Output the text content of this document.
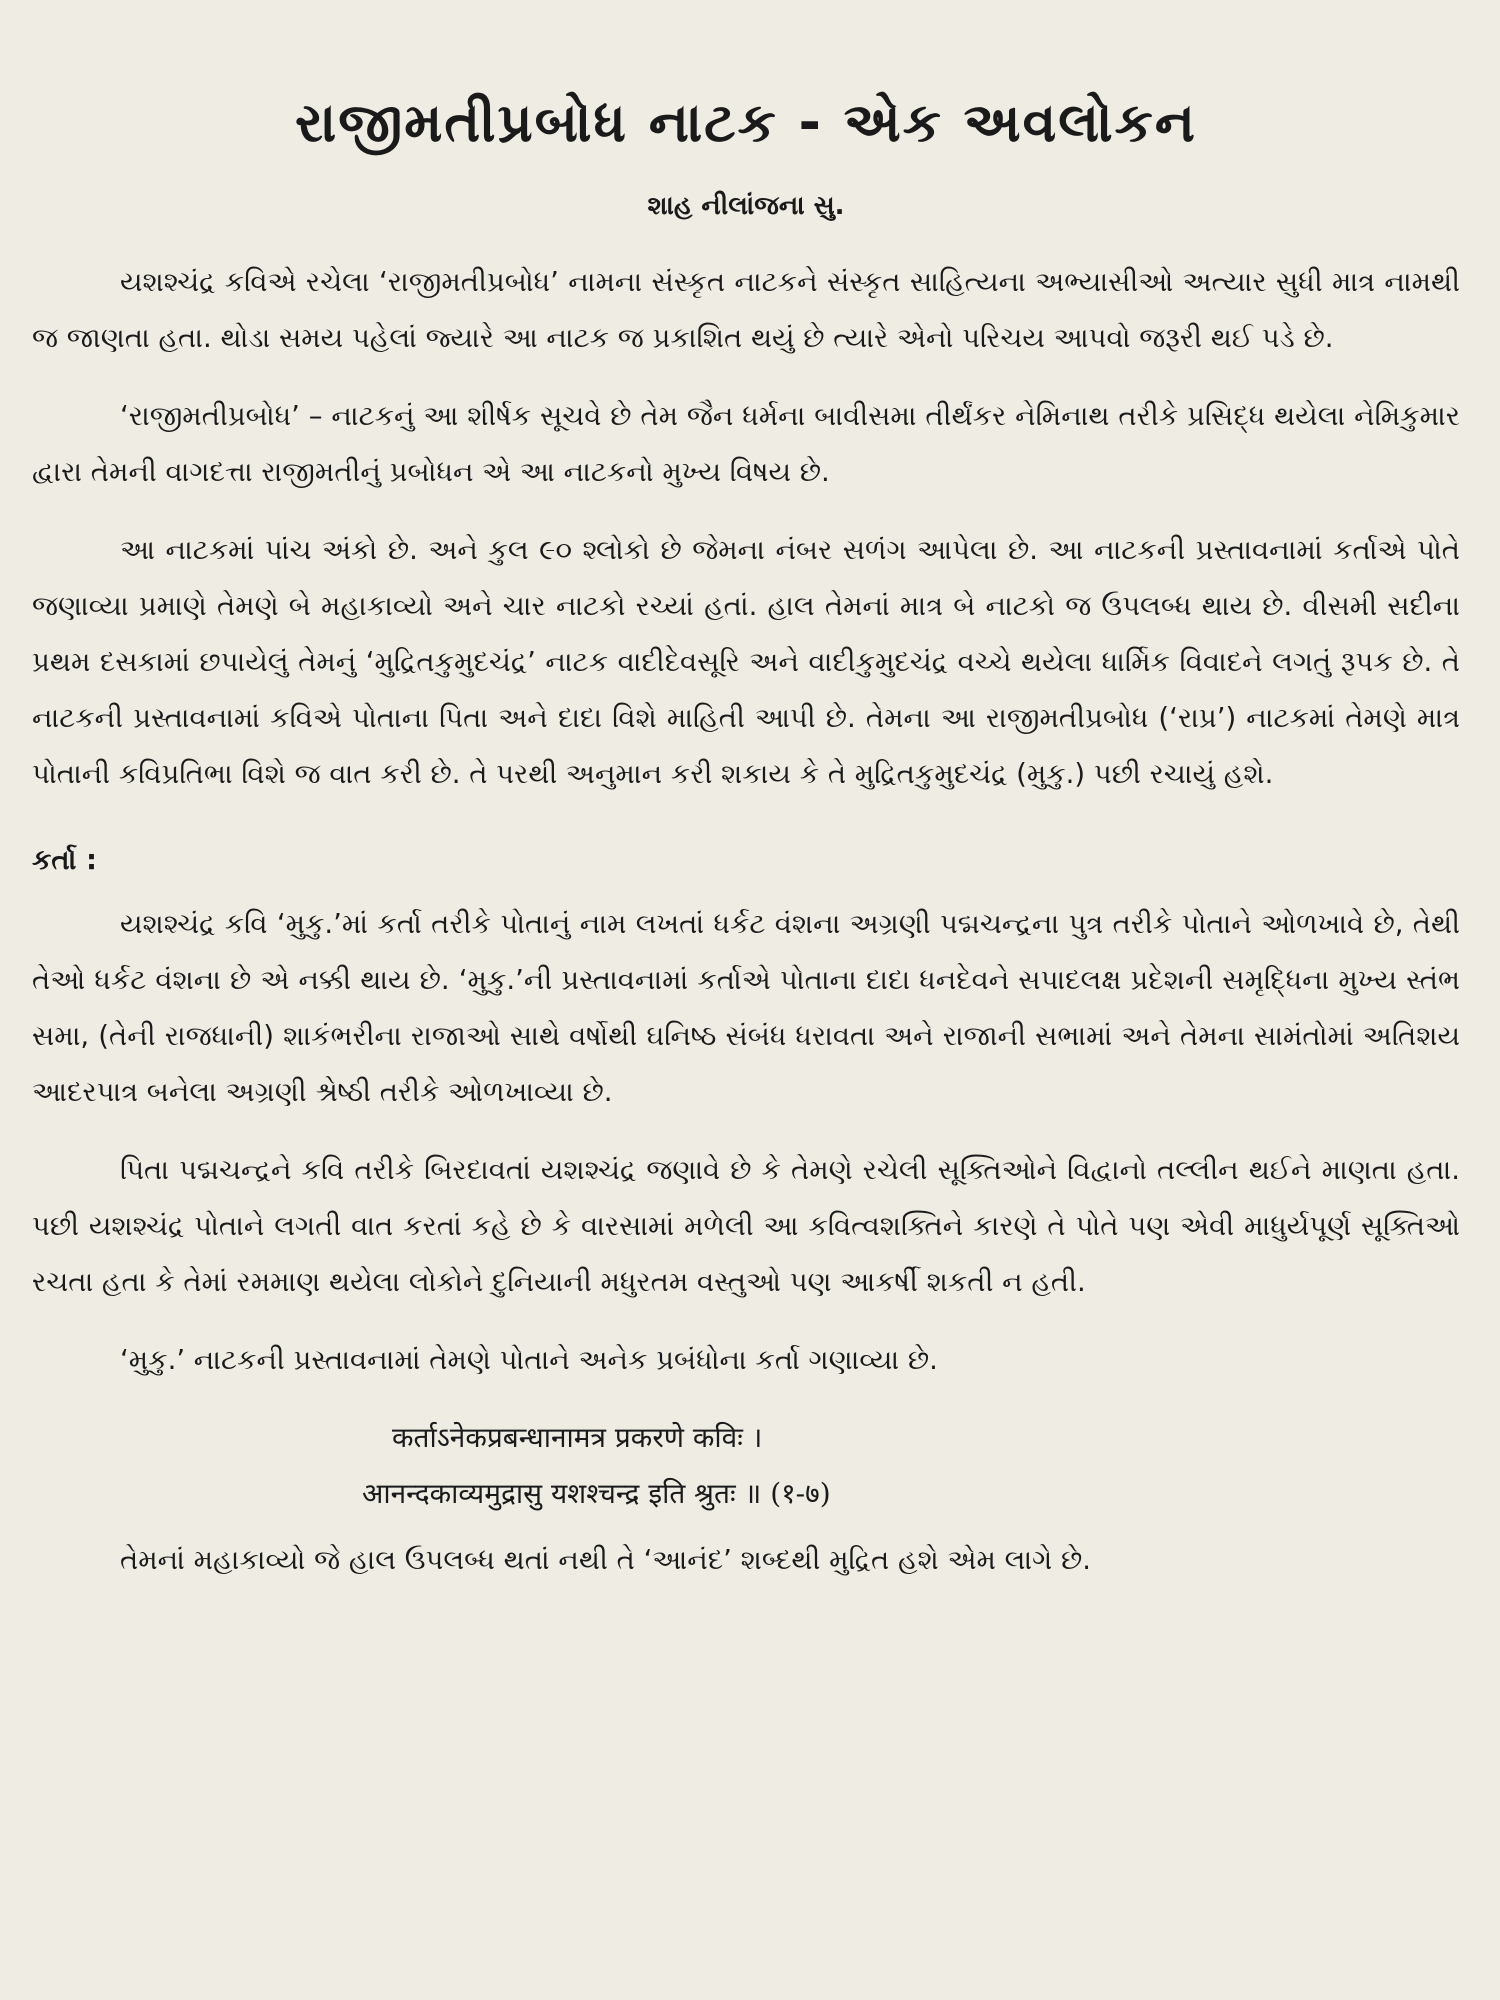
રાજીમતીપ્રબોધ નાટક - એક અવલોકન
શાહ નીલાંજના સુ.

યશશ્ચંદ્ર કવિએ રચેલા ‘રાજીમતીપ્રબોધ’ નામના સંસ્કૃત નાટકને સંસ્કૃત સાહિત્યના અભ્યાસીઓ અત્યાર સુધી માત્ર નામથી જ જાણતા હતા. થોડા સમય પહેલાં જ્યારે આ નાટક જ પ્રકાશિત થયું છે ત્યારે એનો પરિચય આપવો જરૂરી થઈ પડે છે.

‘રાજીમતીપ્રબોધ’ – નાટકનું આ શીર્ષક સૂચવે છે તેમ જૈન ધર્મના બાવીસમા તીર્થંકર નેમિનાથ તરીકે પ્રસિદ્ધ થયેલા નેમિકુમાર દ્વારા તેમની વાગદત્તા રાજીમતીનું પ્રબોધન એ આ નાટકનો મુખ્ય વિષય છે.

આ નાટકમાં પાંચ અંકો છે. અને કુલ ૯૦ શ્લોકો છે જેમના નંબર સળંગ આપેલા છે. આ નાટકની પ્રસ્તાવનામાં કર્તાએ પોતે જણાવ્યા પ્રમાણે તેમણે બે મહાકાવ્યો અને ચાર નાટકો રચ્યાં હતાં. હાલ તેમનાં માત્ર બે નાટકો જ ઉપલબ્ધ થાય છે. વીસમી સદીના પ્રથમ દસકામાં છપાયેલું તેમનું ‘મુદ્રિતકુમુદચંદ્ર’ નાટક વાદીદેવસૂરિ અને વાદીકુમુદચંદ્ર વચ્ચે થયેલા ધાર્મિક વિવાદને લગતું રૂપક છે. તે નાટકની પ્રસ્તાવનામાં કવિએ પોતાના પિતા અને દાદા વિશે માહિતી આપી છે. તેમના આ રાજીમતીપ્રબોધ (‘રાપ્ર’) નાટકમાં તેમણે માત્ર પોતાની કવિપ્રતિભા વિશે જ વાત કરી છે. તે પરથી અનુમાન કરી શકાય કે તે મુદ્રિતકુમુદચંદ્ર (મુકુ.) પછી રચાયું હશે.

કર્તા :

યશશ્ચંદ્ર કવિ ‘મુકુ.’માં કર્તા તરીકે પોતાનું નામ લખતાં ધર્કટ વંશના અગ્રણી પદ્મચન્દ્રના પુત્ર તરીકે પોતાને ઓળખાવે છે, તેથી તેઓ ધર્કટ વંશના છે એ નક્કી થાય છે. ‘મુકુ.’ની પ્રસ્તાવનામાં કર્તાએ પોતાના દાદા ધનદેવને સપાદલક્ષ પ્રદેશની સમૃદ્ધિના મુખ્ય સ્તંભ સમા, (તેની રાજધાની) શાકંભરીના રાજાઓ સાથે વર્ષોથી ઘનિષ્ઠ સંબંધ ધરાવતા અને રાજાની સભામાં અને તેમના સામંતોમાં અતિશય આદરપાત્ર બનેલા અગ્રણી શ્રેષ્ઠી તરીકે ઓળખાવ્યા છે.

પિતા પદ્મચન્દ્રને કવિ તરીકે બિરદાવતાં યશશ્ચંદ્ર જણાવે છે કે તેમણે રચેલી સૂક્તિઓને વિદ્વાનો તલ્લીન થઈને માણતા હતા. પછી યશશ્ચંદ્ર પોતાને લગતી વાત કરતાં કહે છે કે વારસામાં મળેલી આ કવિત્વશક્તિને કારણે તે પોતે પણ એવી માધુર્યપૂર્ણ સૂક્તિઓ રચતા હતા કે તેમાં રમમાણ થયેલા લોકોને દુનિયાની મધુરતમ વસ્તુઓ પણ આકર્ષી શકતી ન હતી.

‘મુકુ.’ નાટકની પ્રસ્તાવનામાં તેમણે પોતાને અનેક પ્રબંધોના કર્તા ગણાવ્યા છે.

कर्ताऽनेकप्रबन्धानामत्र प्रकरणे कविः ।
आनन्दकाव्यमुद्रासु यशश्चन्द्र इति श्रुतः ॥ (१-७)

તેમનાં મહાકાવ્યો જે હાલ ઉપલબ્ધ થતાં નથી તે ‘આનંદ’ શબ્દથી મુદ્રિત હશે એમ લાગે છે.
